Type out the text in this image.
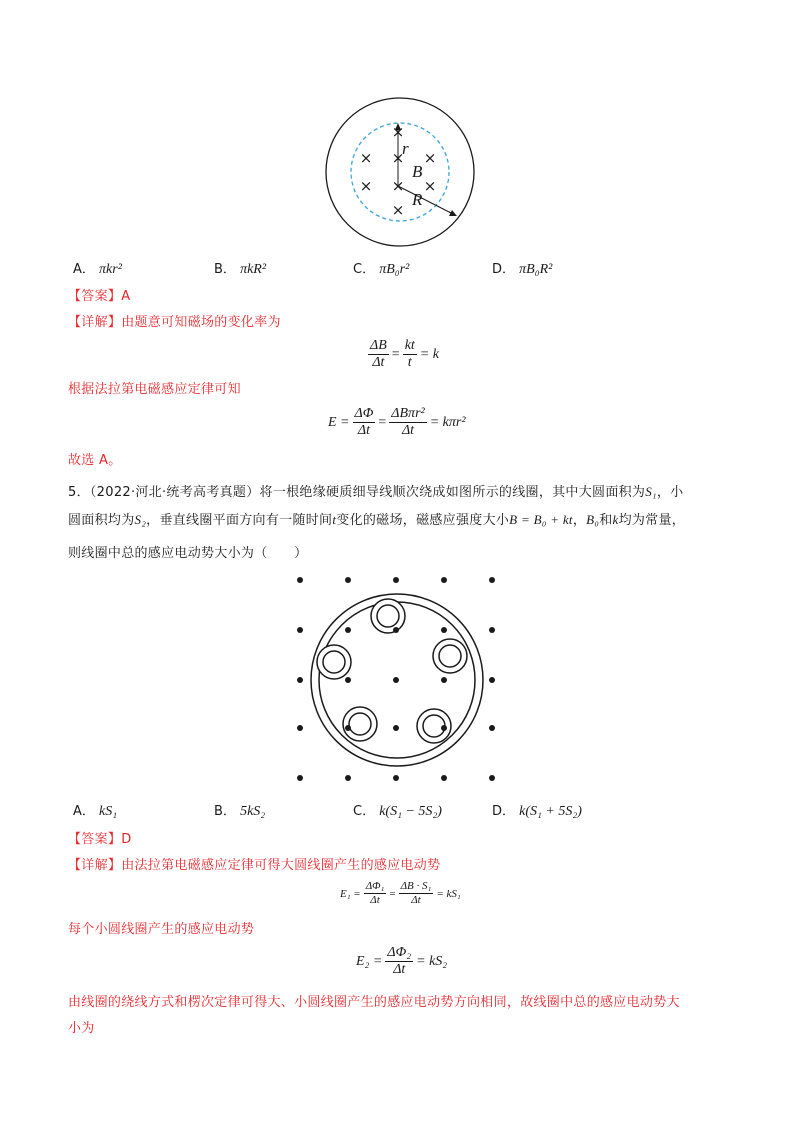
×
× × ×
× × ×
×
r
B
R
A． πkr²	B． πkR²	C． πB₀r²	D． πB₀R²
【答案】A
【详解】由题意可知磁场的变化率为
$\frac{\Delta B}{\Delta t} = \frac{kt}{t} = k$
根据法拉第电磁感应定律可知
$E = \frac{\Delta\Phi}{\Delta t} = \frac{\text{ΔBπr²}}{\Delta t} = k\pi r^2$
故选 A。
5．（2022·河北·统考高考真题）将一根绝缘硬质细导线顺次绕成如图所示的线圈，其中大圆面积为S₁，小
圆面积均为S₂，垂直线圈平面方向有一随时间t变化的磁场，磁感应强度大小B = B₀ + kt，B₀和k均为常量，
则线圈中总的感应电动势大小为（　　）
A． kS₁	B． 5kS₂	C． k(S₁ − 5S₂)	D． k(S₁ + 5S₂)
【答案】D
【详解】由法拉第电磁感应定律可得大圆线圈产生的感应电动势
$E_1 = \frac{\text{ΔΦ₁}}{\Delta t} = \frac{\text{ΔB · S₁}}{\Delta t} = kS_1$
每个小圆线圈产生的感应电动势
$E_2 = \frac{\text{ΔΦ₂}}{\Delta t} = kS_2$
由线圈的绕线方式和楞次定律可得大、小圆线圈产生的感应电动势方向相同，故线圈中总的感应电动势大
小为
